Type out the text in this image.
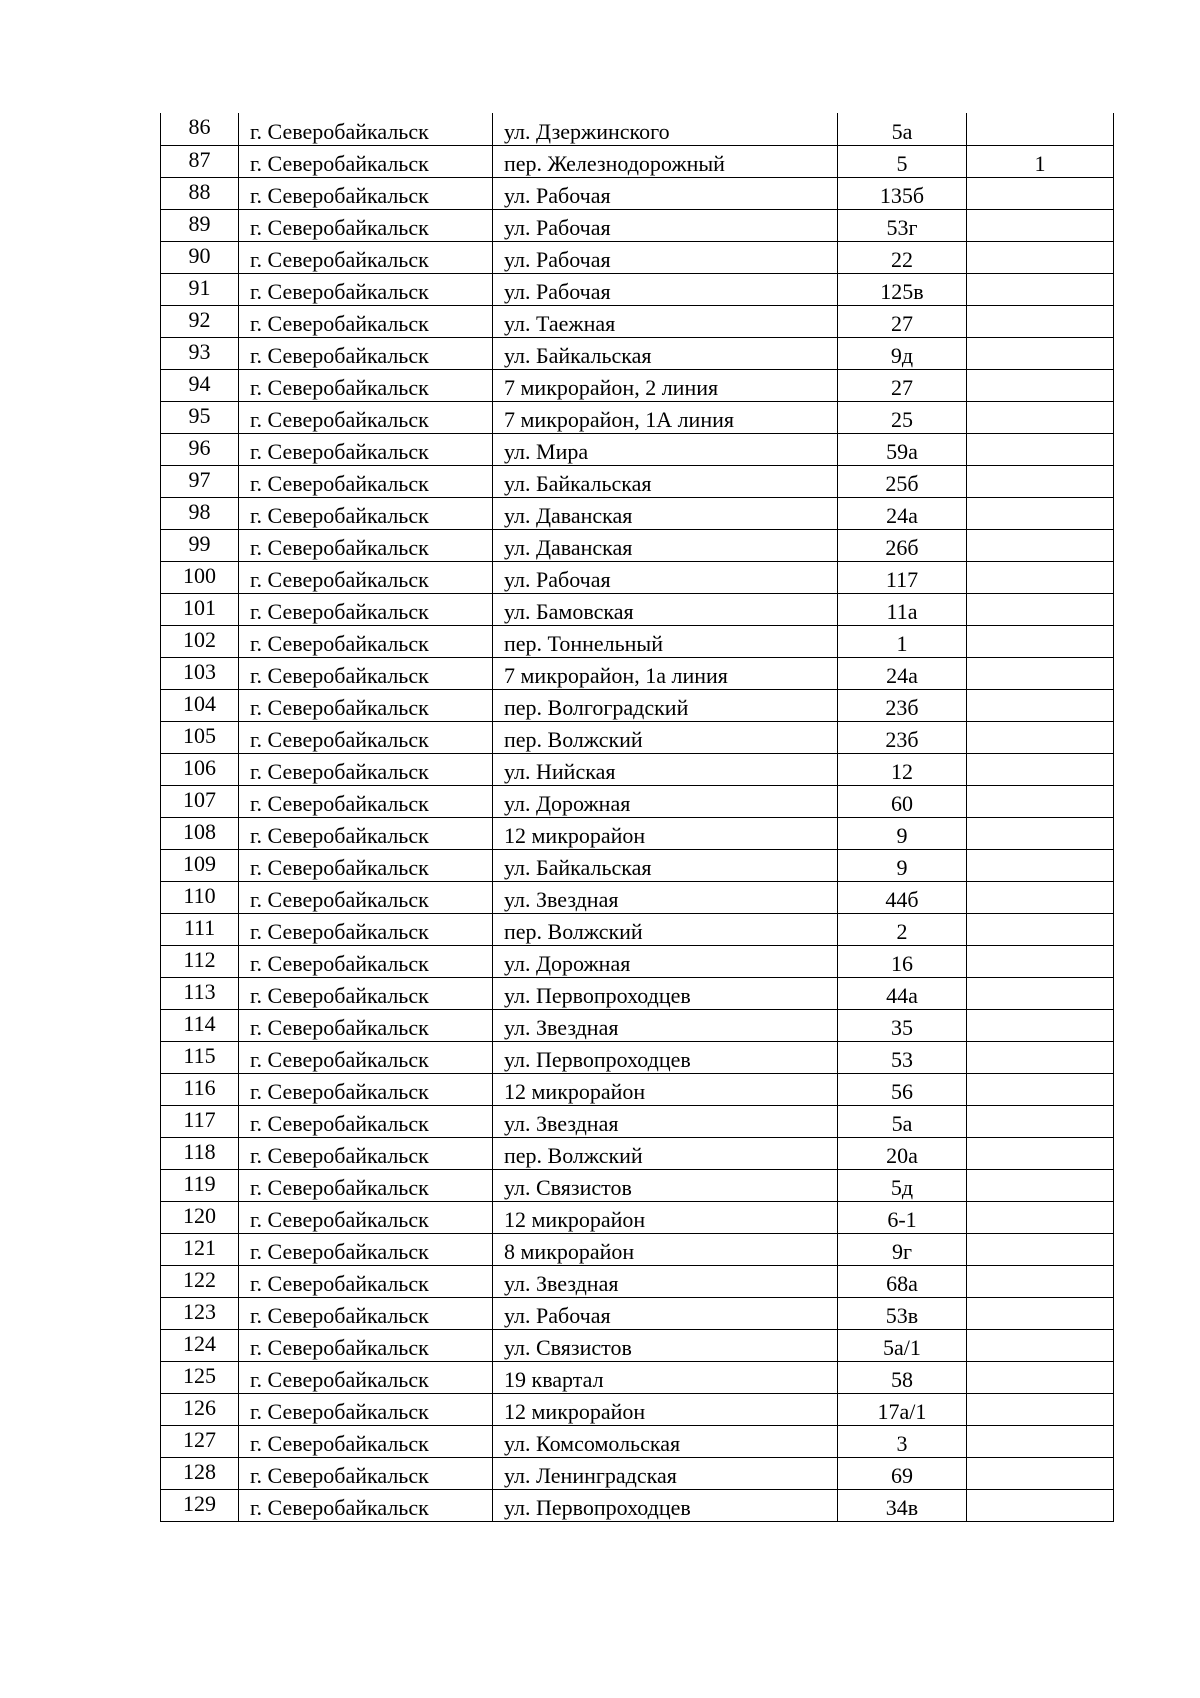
86	г. Северобайкальск	ул. Дзержинского	5а	
87	г. Северобайкальск	пер. Железнодорожный	5	1
88	г. Северобайкальск	ул. Рабочая	135б	
89	г. Северобайкальск	ул. Рабочая	53г	
90	г. Северобайкальск	ул. Рабочая	22	
91	г. Северобайкальск	ул. Рабочая	125в	
92	г. Северобайкальск	ул. Таежная	27	
93	г. Северобайкальск	ул. Байкальская	9д	
94	г. Северобайкальск	7 микрорайон, 2 линия	27	
95	г. Северобайкальск	7 микрорайон, 1А линия	25	
96	г. Северобайкальск	ул. Мира	59а	
97	г. Северобайкальск	ул. Байкальская	25б	
98	г. Северобайкальск	ул. Даванская	24а	
99	г. Северобайкальск	ул. Даванская	26б	
100	г. Северобайкальск	ул. Рабочая	117	
101	г. Северобайкальск	ул. Бамовская	11а	
102	г. Северобайкальск	пер. Тоннельный	1	
103	г. Северобайкальск	7 микрорайон, 1а линия	24а	
104	г. Северобайкальск	пер. Волгоградский	23б	
105	г. Северобайкальск	пер. Волжский	23б	
106	г. Северобайкальск	ул. Нийская	12	
107	г. Северобайкальск	ул. Дорожная	60	
108	г. Северобайкальск	12 микрорайон	9	
109	г. Северобайкальск	ул. Байкальская	9	
110	г. Северобайкальск	ул. Звездная	44б	
111	г. Северобайкальск	пер. Волжский	2	
112	г. Северобайкальск	ул. Дорожная	16	
113	г. Северобайкальск	ул. Первопроходцев	44а	
114	г. Северобайкальск	ул. Звездная	35	
115	г. Северобайкальск	ул. Первопроходцев	53	
116	г. Северобайкальск	12 микрорайон	56	
117	г. Северобайкальск	ул. Звездная	5а	
118	г. Северобайкальск	пер. Волжский	20а	
119	г. Северобайкальск	ул. Связистов	5д	
120	г. Северобайкальск	12 микрорайон	6-1	
121	г. Северобайкальск	8 микрорайон	9г	
122	г. Северобайкальск	ул. Звездная	68а	
123	г. Северобайкальск	ул. Рабочая	53в	
124	г. Северобайкальск	ул. Связистов	5а/1	
125	г. Северобайкальск	19 квартал	58	
126	г. Северобайкальск	12 микрорайон	17а/1	
127	г. Северобайкальск	ул. Комсомольская	3	
128	г. Северобайкальск	ул. Ленинградская	69	
129	г. Северобайкальск	ул. Первопроходцев	34в	
